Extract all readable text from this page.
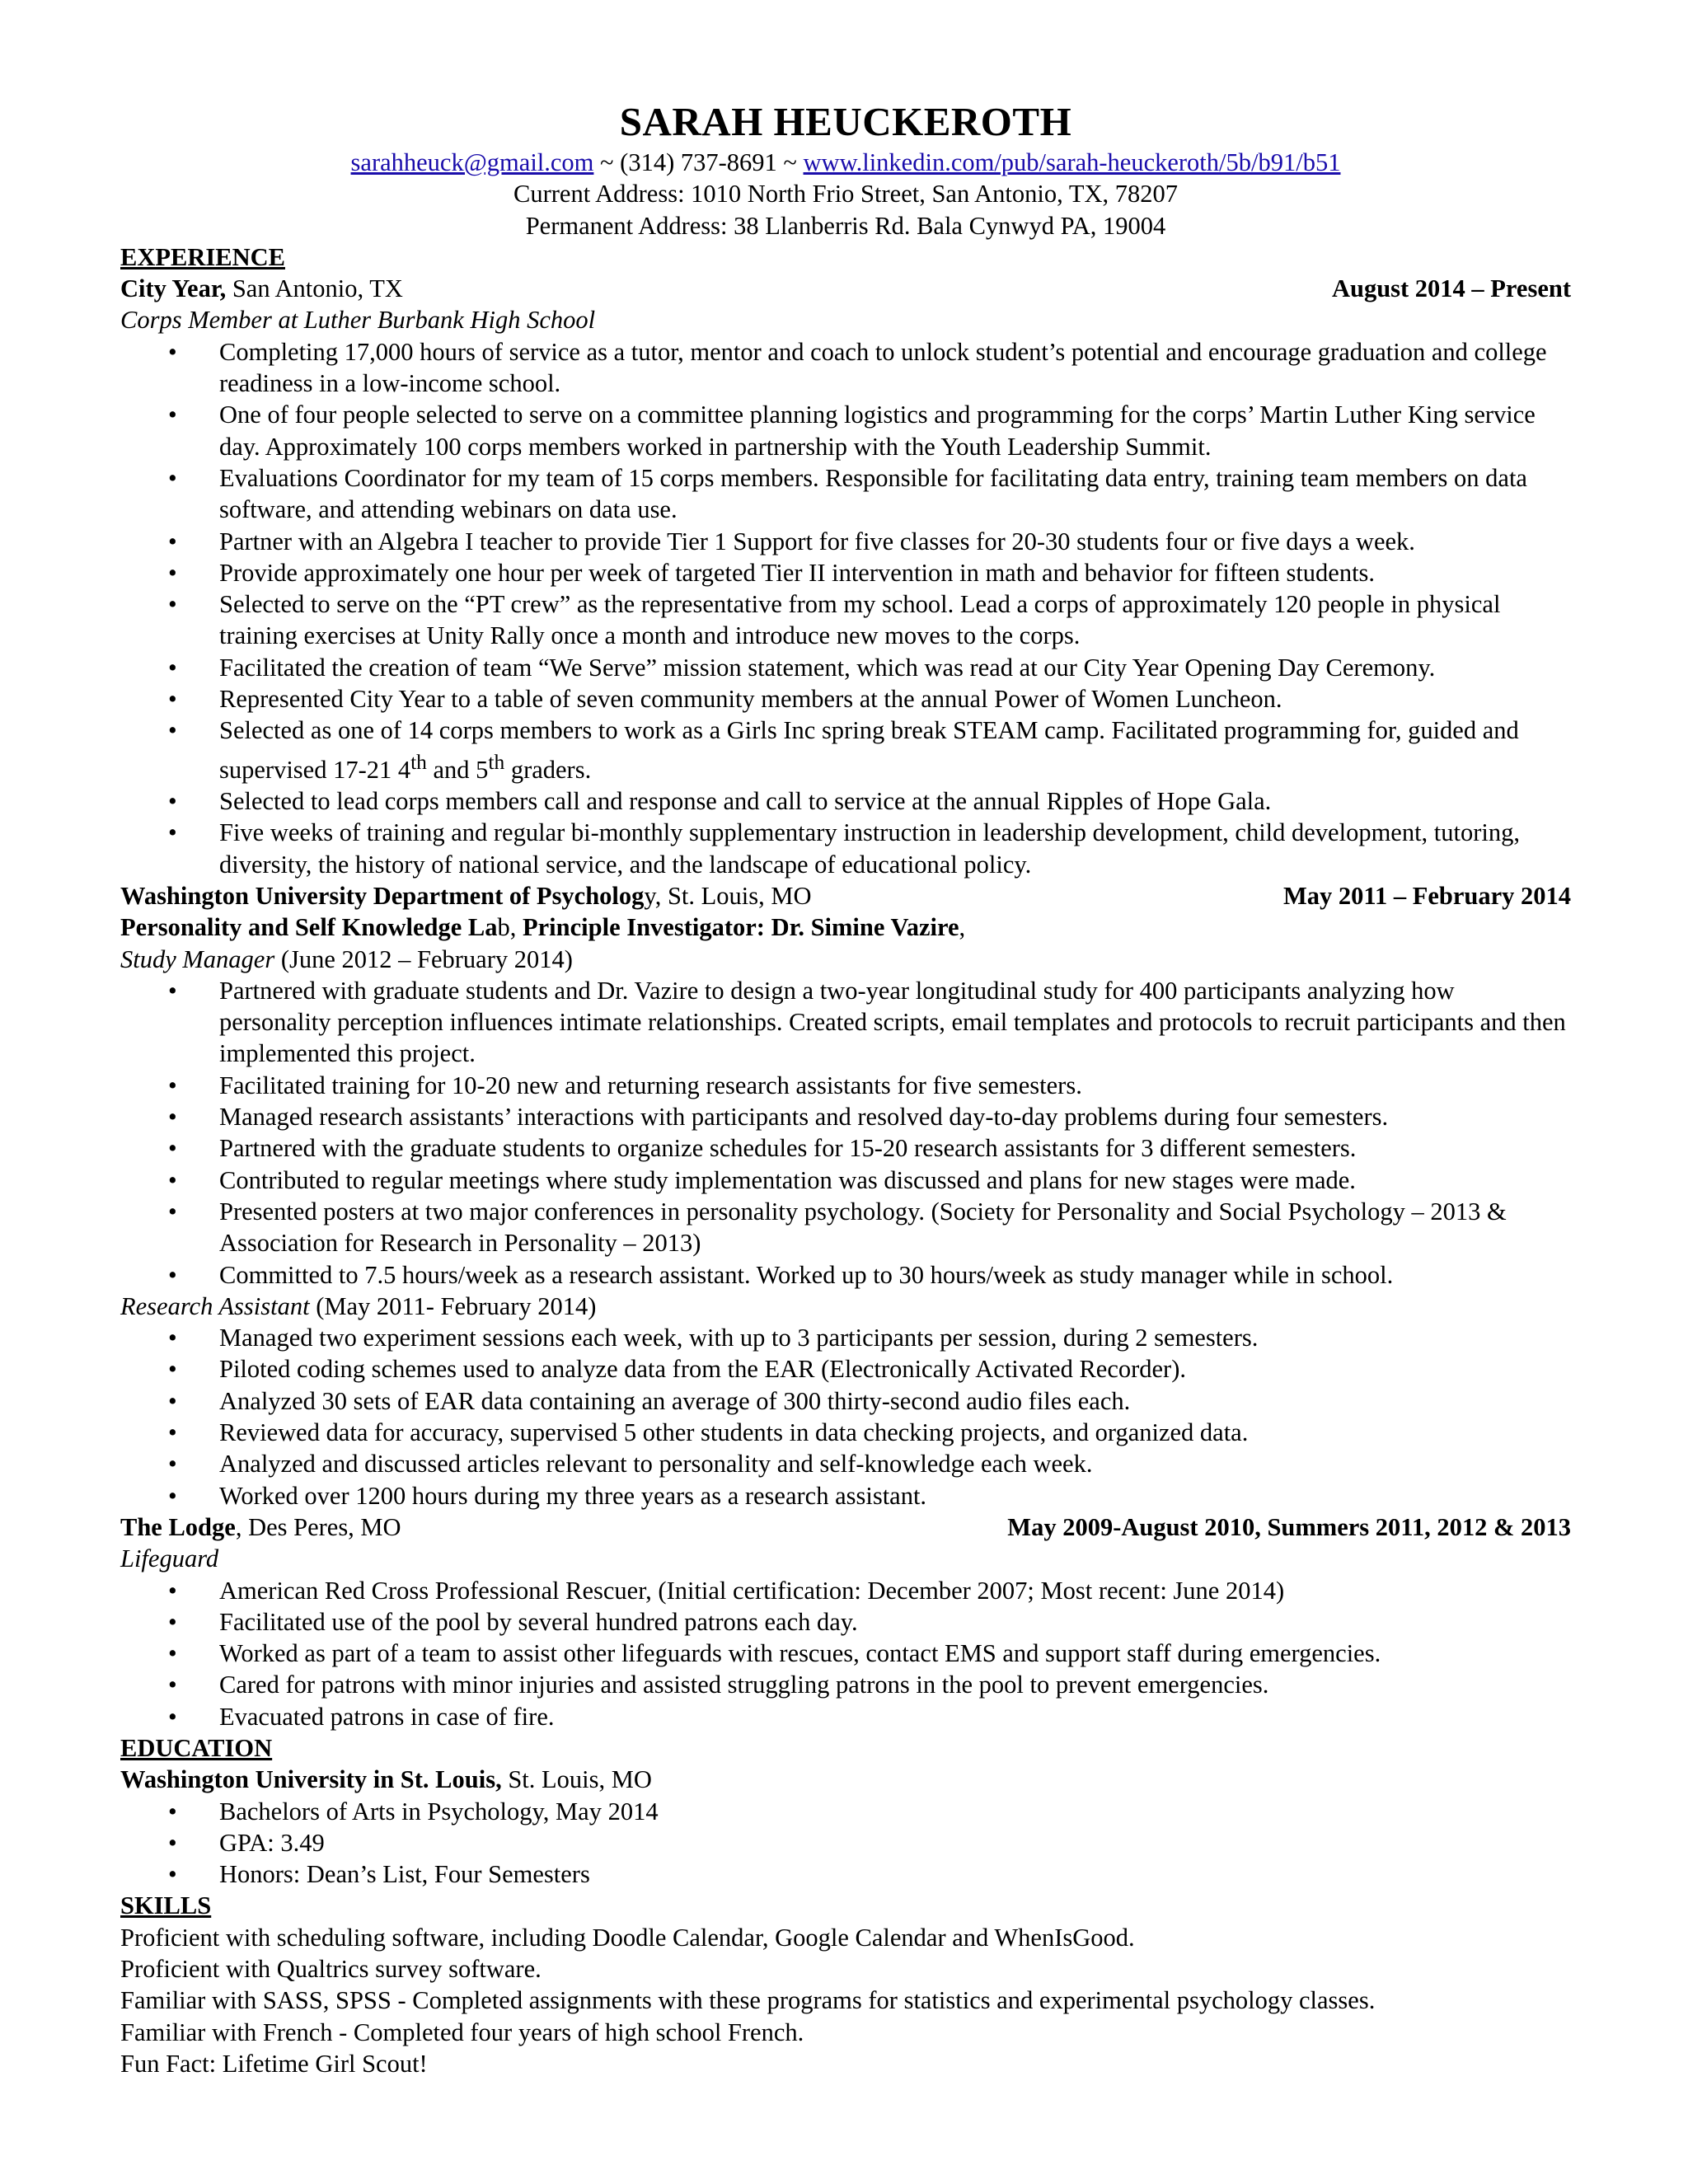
SARAH HEUCKEROTH
sarahheuck@gmail.com ~ (314) 737-8691 ~ www.linkedin.com/pub/sarah-heuckeroth/5b/b91/b51
Current Address: 1010 North Frio Street, San Antonio, TX, 78207
Permanent Address: 38 Llanberris Rd. Bala Cynwyd PA, 19004
EXPERIENCE
City Year, San Antonio, TX	August 2014 – Present
Corps Member at Luther Burbank High School
• Completing 17,000 hours of service as a tutor, mentor and coach to unlock student’s potential and encourage graduation and college readiness in a low-income school.
• One of four people selected to serve on a committee planning logistics and programming for the corps’ Martin Luther King service day. Approximately 100 corps members worked in partnership with the Youth Leadership Summit.
• Evaluations Coordinator for my team of 15 corps members. Responsible for facilitating data entry, training team members on data software, and attending webinars on data use.
• Partner with an Algebra I teacher to provide Tier 1 Support for five classes for 20-30 students four or five days a week.
• Provide approximately one hour per week of targeted Tier II intervention in math and behavior for fifteen students.
• Selected to serve on the “PT crew” as the representative from my school. Lead a corps of approximately 120 people in physical training exercises at Unity Rally once a month and introduce new moves to the corps.
• Facilitated the creation of team “We Serve” mission statement, which was read at our City Year Opening Day Ceremony.
• Represented City Year to a table of seven community members at the annual Power of Women Luncheon.
• Selected as one of 14 corps members to work as a Girls Inc spring break STEAM camp. Facilitated programming for, guided and supervised 17-21 4th and 5th graders.
• Selected to lead corps members call and response and call to service at the annual Ripples of Hope Gala.
• Five weeks of training and regular bi-monthly supplementary instruction in leadership development, child development, tutoring, diversity, the history of national service, and the landscape of educational policy.
Washington University Department of Psychology, St. Louis, MO	May 2011 – February 2014
Personality and Self Knowledge Lab, Principle Investigator: Dr. Simine Vazire,
Study Manager (June 2012 – February 2014)
• Partnered with graduate students and Dr. Vazire to design a two-year longitudinal study for 400 participants analyzing how personality perception influences intimate relationships. Created scripts, email templates and protocols to recruit participants and then implemented this project.
• Facilitated training for 10-20 new and returning research assistants for five semesters.
• Managed research assistants’ interactions with participants and resolved day-to-day problems during four semesters.
• Partnered with the graduate students to organize schedules for 15-20 research assistants for 3 different semesters.
• Contributed to regular meetings where study implementation was discussed and plans for new stages were made.
• Presented posters at two major conferences in personality psychology. (Society for Personality and Social Psychology – 2013 & Association for Research in Personality – 2013)
• Committed to 7.5 hours/week as a research assistant. Worked up to 30 hours/week as study manager while in school.
Research Assistant (May 2011- February 2014)
• Managed two experiment sessions each week, with up to 3 participants per session, during 2 semesters.
• Piloted coding schemes used to analyze data from the EAR (Electronically Activated Recorder).
• Analyzed 30 sets of EAR data containing an average of 300 thirty-second audio files each.
• Reviewed data for accuracy, supervised 5 other students in data checking projects, and organized data.
• Analyzed and discussed articles relevant to personality and self-knowledge each week.
• Worked over 1200 hours during my three years as a research assistant.
The Lodge, Des Peres, MO	May 2009-August 2010, Summers 2011, 2012 & 2013
Lifeguard
• American Red Cross Professional Rescuer, (Initial certification: December 2007; Most recent: June 2014)
• Facilitated use of the pool by several hundred patrons each day.
• Worked as part of a team to assist other lifeguards with rescues, contact EMS and support staff during emergencies.
• Cared for patrons with minor injuries and assisted struggling patrons in the pool to prevent emergencies.
• Evacuated patrons in case of fire.
EDUCATION
Washington University in St. Louis, St. Louis, MO
• Bachelors of Arts in Psychology, May 2014
• GPA: 3.49
• Honors: Dean’s List, Four Semesters
SKILLS
Proficient with scheduling software, including Doodle Calendar, Google Calendar and WhenIsGood.
Proficient with Qualtrics survey software.
Familiar with SASS, SPSS - Completed assignments with these programs for statistics and experimental psychology classes.
Familiar with French - Completed four years of high school French.
Fun Fact: Lifetime Girl Scout!
